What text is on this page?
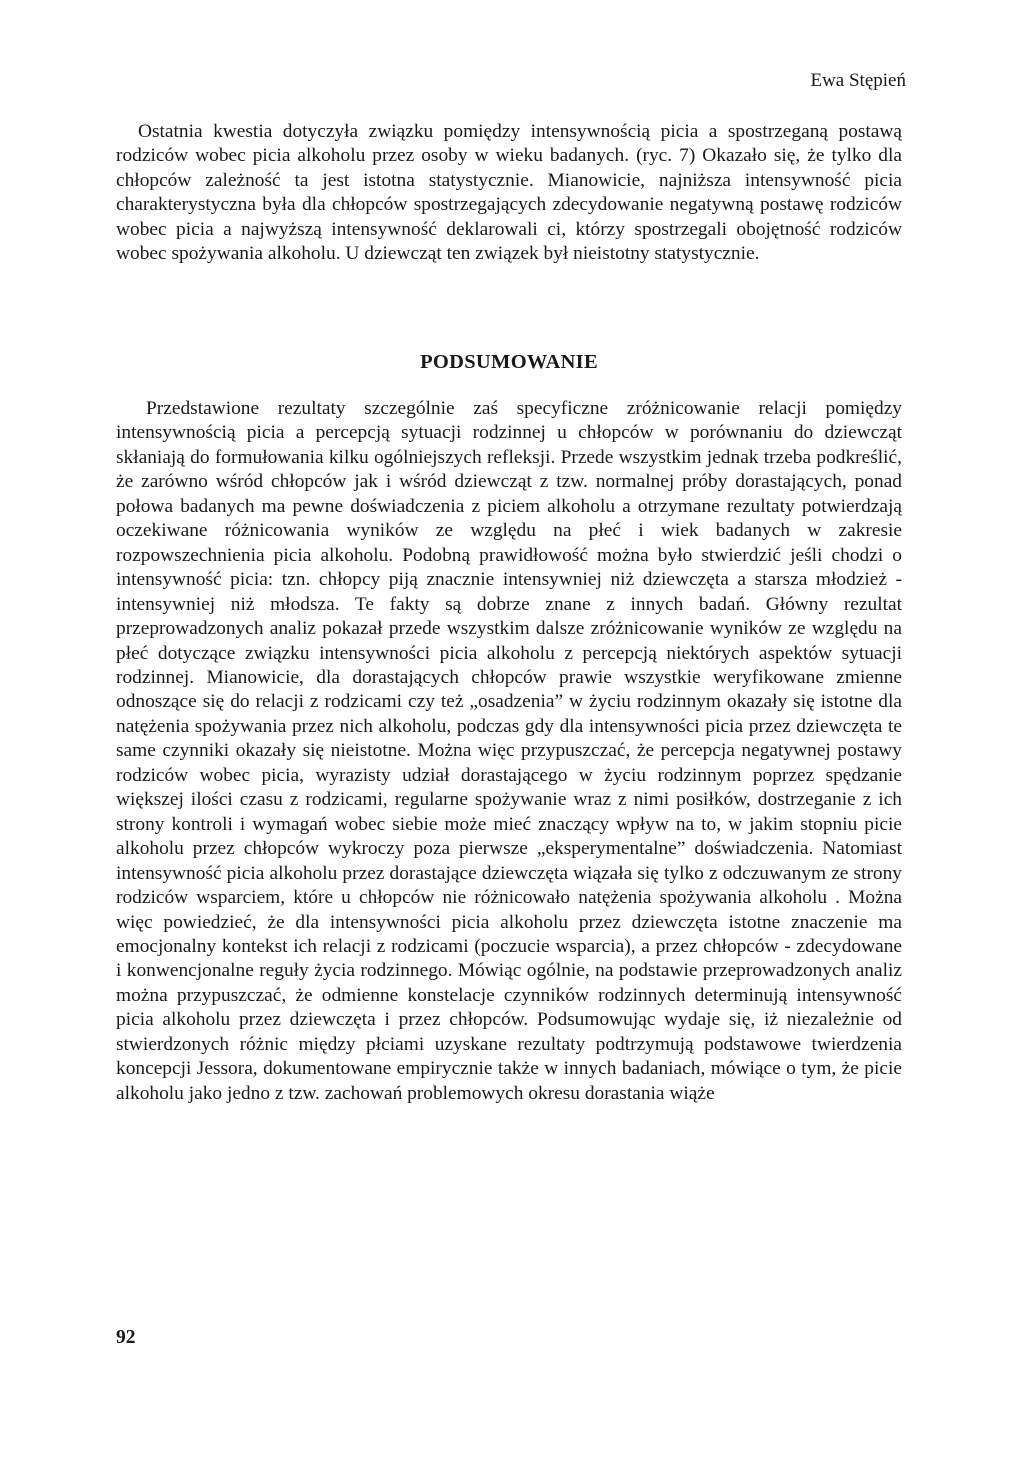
Ewa Stępień

Ostatnia kwestia dotyczyła związku pomiędzy intensywnością picia a spostrzeganą postawą rodziców wobec picia alkoholu przez osoby w wieku badanych. (ryc. 7) Okazało się, że tylko dla chłopców zależność ta jest istotna statystycznie. Mianowicie, najniższa intensywność picia charakterystyczna była dla chłopców spostrzegających zdecydowanie negatywną postawę rodziców wobec picia a najwyższą intensywność deklarowali ci, którzy spostrzegali obojętność rodziców wobec spożywania alkoholu. U dziewcząt ten związek był nieistotny statystycznie.

PODSUMOWANIE

Przedstawione rezultaty szczególnie zaś specyficzne zróżnicowanie relacji pomiędzy intensywnością picia a percepcją sytuacji rodzinnej u chłopców w porównaniu do dziewcząt skłaniają do formułowania kilku ogólniejszych refleksji. Przede wszystkim jednak trzeba podkreślić, że zarówno wśród chłopców jak i wśród dziewcząt z tzw. normalnej próby dorastających, ponad połowa badanych ma pewne doświadczenia z piciem alkoholu a otrzymane rezultaty potwierdzają oczekiwane różnicowania wyników ze względu na płeć i wiek badanych w zakresie rozpowszechnienia picia alkoholu. Podobną prawidłowość można było stwierdzić jeśli chodzi o intensywność picia: tzn. chłopcy piją znacznie intensywniej niż dziewczęta a starsza młodzież - intensywniej niż młodsza. Te fakty są dobrze znane z innych badań. Główny rezultat przeprowadzonych analiz pokazał przede wszystkim dalsze zróżnicowanie wyników ze względu na płeć dotyczące związku intensywności picia alkoholu z percepcją niektórych aspektów sytuacji rodzinnej. Mianowicie, dla dorastających chłopców prawie wszystkie weryfikowane zmienne odnoszące się do relacji z rodzicami czy też „osadzenia” w życiu rodzinnym okazały się istotne dla natężenia spożywania przez nich alkoholu, podczas gdy dla intensywności picia przez dziewczęta te same czynniki okazały się nieistotne. Można więc przypuszczać, że percepcja negatywnej postawy rodziców wobec picia, wyrazisty udział dorastającego w życiu rodzinnym poprzez spędzanie większej ilości czasu z rodzicami, regularne spożywanie wraz z nimi posiłków, dostrzeganie z ich strony kontroli i wymagań wobec siebie może mieć znaczący wpływ na to, w jakim stopniu picie alkoholu przez chłopców wykroczy poza pierwsze „eksperymentalne” doświadczenia. Natomiast intensywność picia alkoholu przez dorastające dziewczęta wiązała się tylko z odczuwanym ze strony rodziców wsparciem, które u chłopców nie różnicowało natężenia spożywania alkoholu . Można więc powiedzieć, że dla intensywności picia alkoholu przez dziewczęta istotne znaczenie ma emocjonalny kontekst ich relacji z rodzicami (poczucie wsparcia), a przez chłopców - zdecydowane i konwencjonalne reguły życia rodzinnego. Mówiąc ogólnie, na podstawie przeprowadzonych analiz można przypuszczać, że odmienne konstelacje czynników rodzinnych determinują intensywność picia alkoholu przez dziewczęta i przez chłopców. Podsumowując wydaje się, iż niezależnie od stwierdzonych różnic między płciami uzyskane rezultaty podtrzymują podstawowe twierdzenia koncepcji Jessora, dokumentowane empirycznie także w innych badaniach, mówiące o tym, że picie alkoholu jako jedno z tzw. zachowań problemowych okresu dorastania wiąże

92
